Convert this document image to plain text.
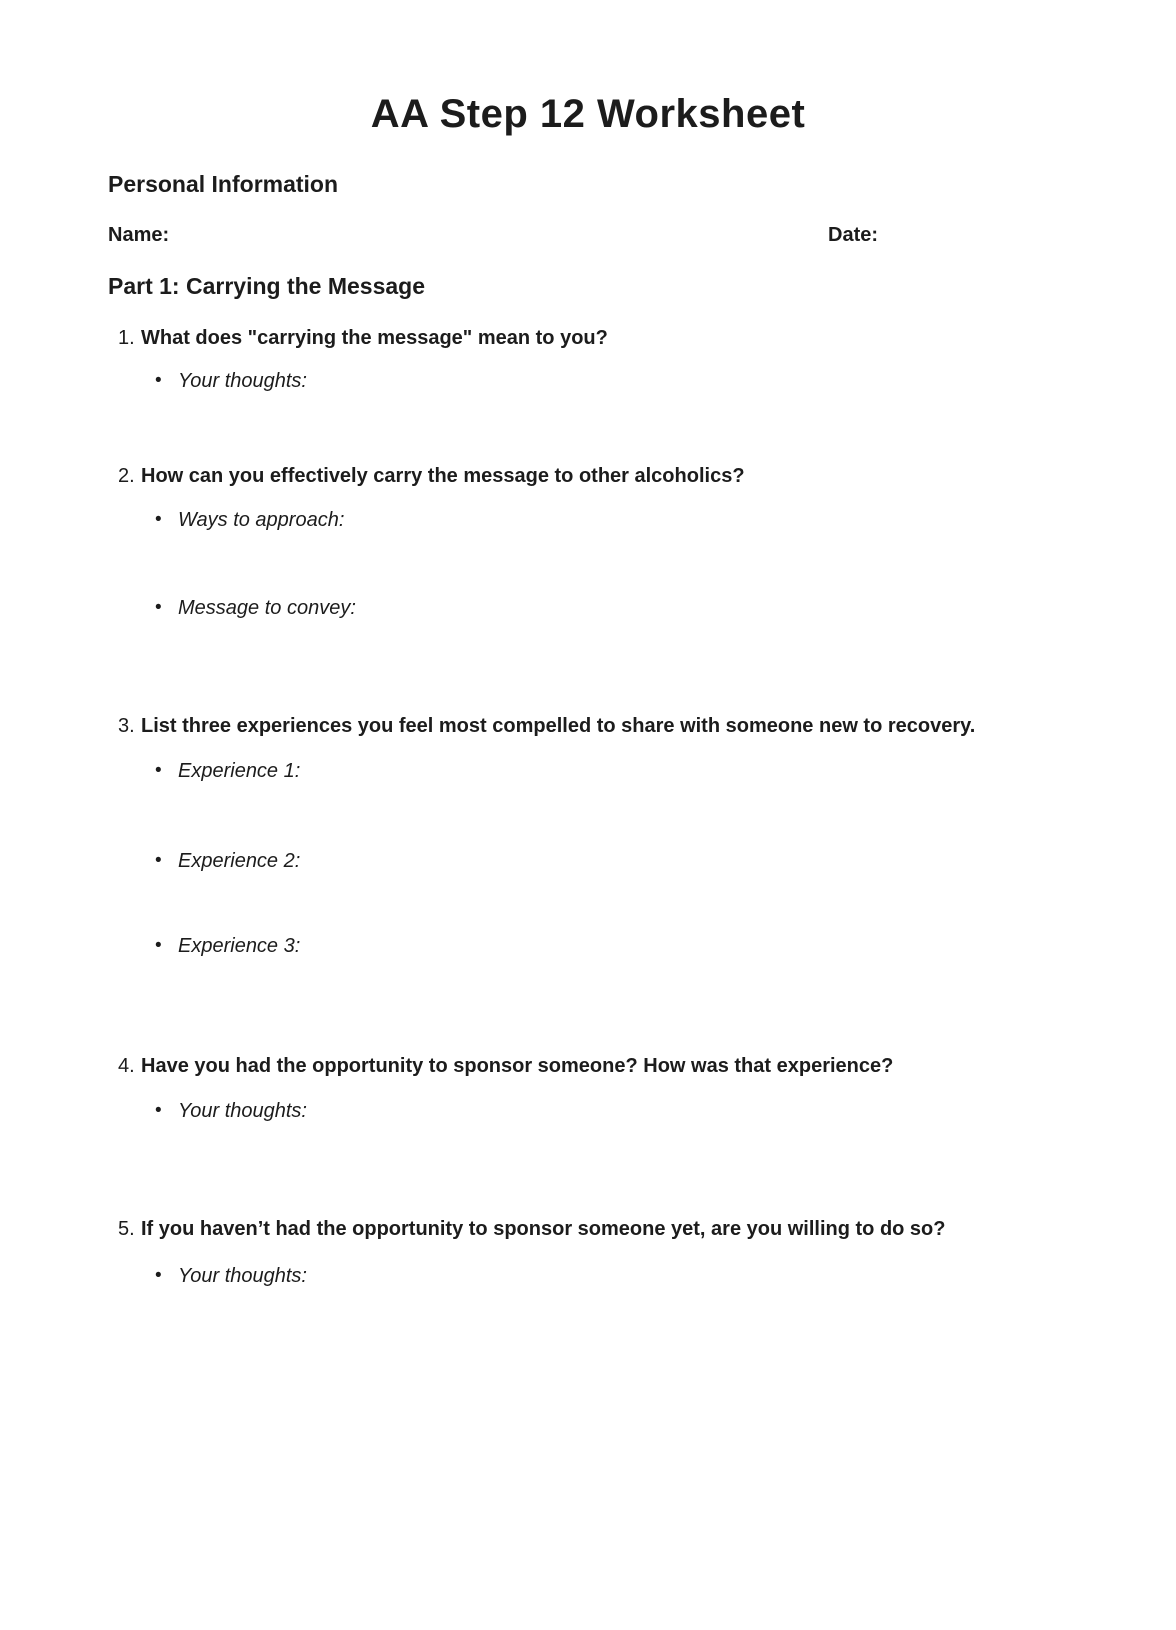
AA Step 12 Worksheet
Personal Information
Name:	Date:
Part 1: Carrying the Message
1. What does "carrying the message" mean to you?
• Your thoughts:
2. How can you effectively carry the message to other alcoholics?
• Ways to approach:
• Message to convey:
3. List three experiences you feel most compelled to share with someone new to recovery.
• Experience 1:
• Experience 2:
• Experience 3:
4. Have you had the opportunity to sponsor someone? How was that experience?
• Your thoughts:
5. If you haven’t had the opportunity to sponsor someone yet, are you willing to do so?
• Your thoughts:
